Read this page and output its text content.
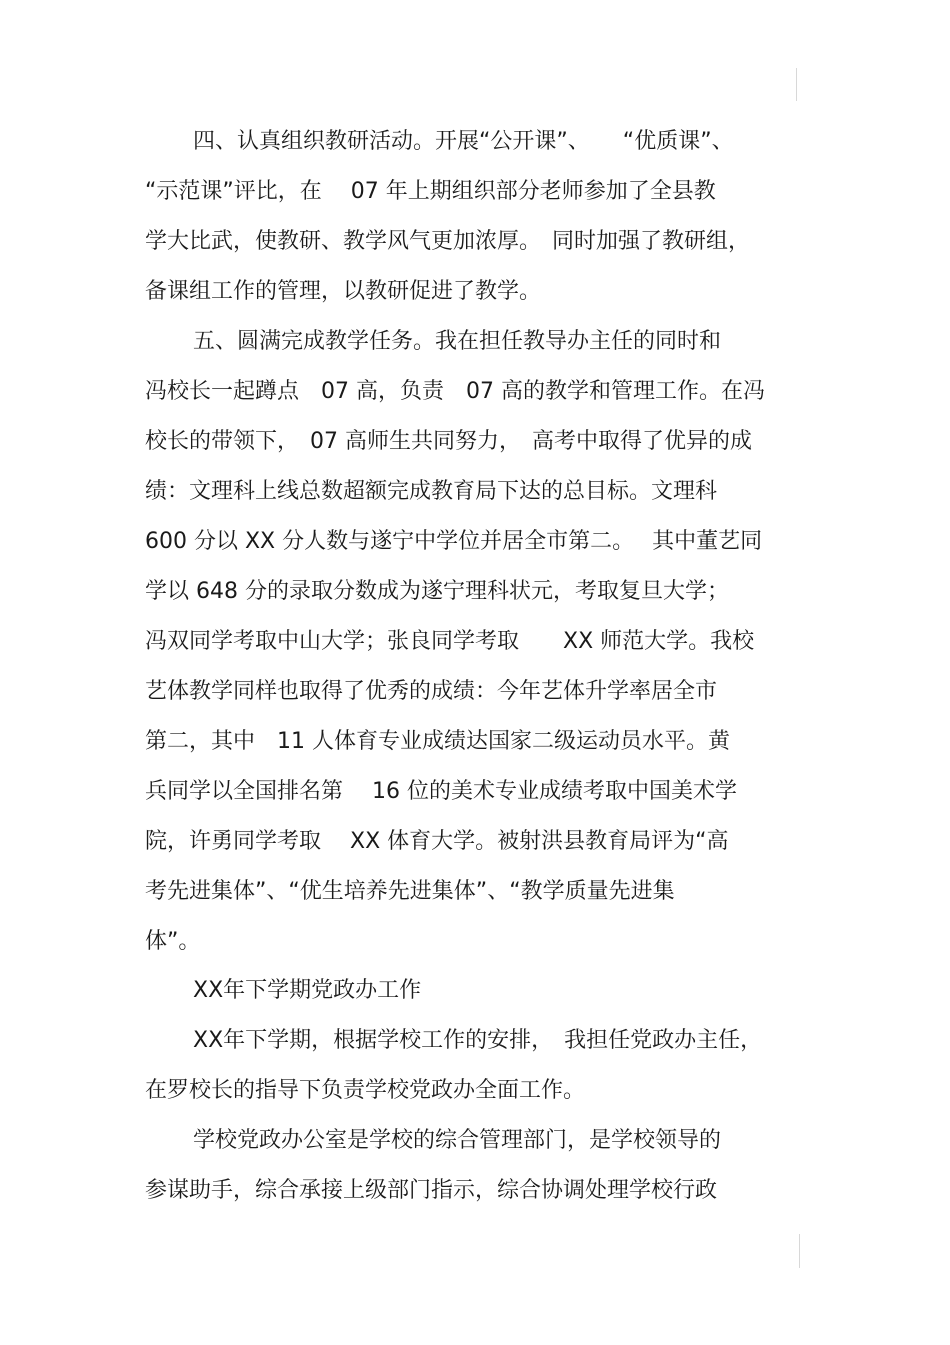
四、认真组织教研活动。开展“公开课”、　　“优质课”、
“示范课”评比，在　 07 年上期组织部分老师参加了全县教
学大比武，使教研、教学风气更加浓厚。　同时加强了教研组，
备课组工作的管理，以教研促进了教学。
五、圆满完成教学任务。我在担任教导办主任的同时和
冯校长一起蹲点　07 高，负责　07 高的教学和管理工作。在冯
校长的带领下，　07 高师生共同努力，　高考中取得了优异的成
绩：文理科上线总数超额完成教育局下达的总目标。文理科
600 分以 XX 分人数与遂宁中学位并居全市第二。　 其中董艺同
学以 648 分的录取分数成为遂宁理科状元，考取复旦大学；
冯双同学考取中山大学；张良同学考取　　XX 师范大学。我校
艺体教学同样也取得了优秀的成绩：今年艺体升学率居全市
第二，其中　11 人体育专业成绩达国家二级运动员水平。黄
兵同学以全国排名第　 16 位的美术专业成绩考取中国美术学
院，许勇同学考取　 XX 体育大学。被射洪县教育局评为“高
考先进集体”、“优生培养先进集体”、“教学质量先进集
体”。
XX年下学期党政办工作
XX年下学期，根据学校工作的安排，　我担任党政办主任，
在罗校长的指导下负责学校党政办全面工作。
学校党政办公室是学校的综合管理部门，是学校领导的
参谋助手，综合承接上级部门指示，综合协调处理学校行政
